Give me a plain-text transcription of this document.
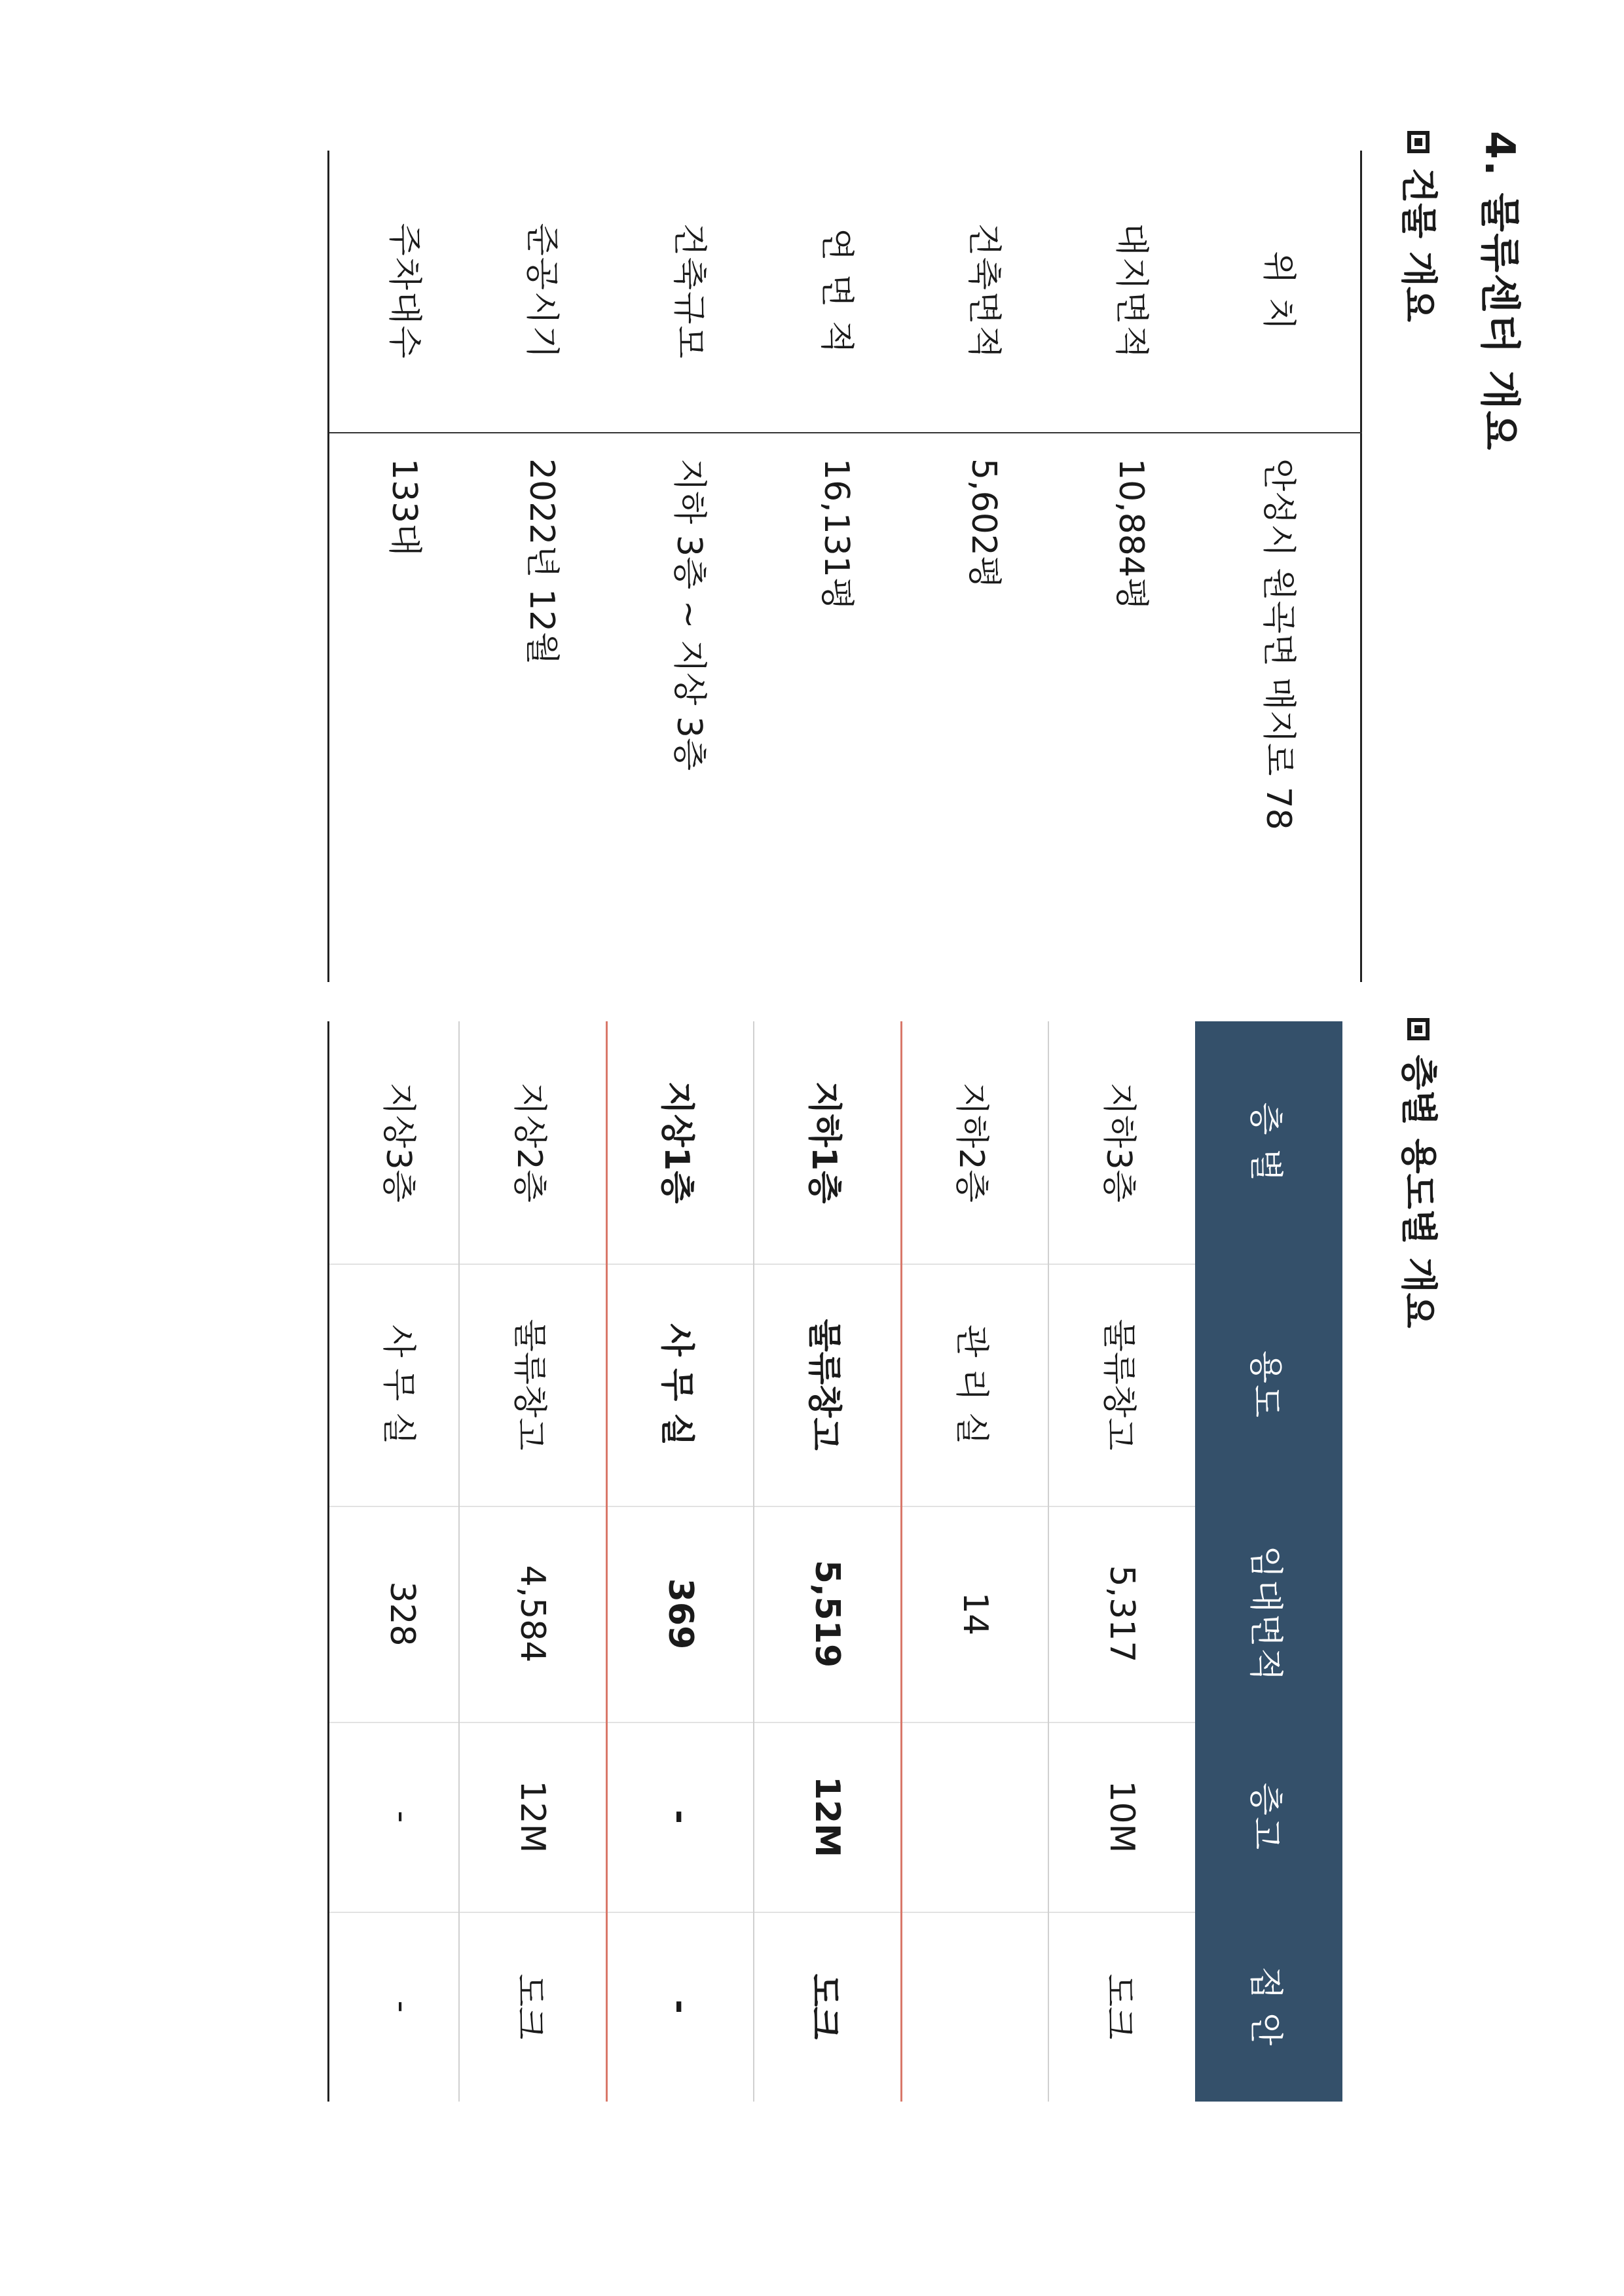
4. 물류센터 개요
건물 개요
층별 용도별 개요
위 치
안성시 원곡면 매지로 78
대지면적
10,884평
건축면적
5,602평
연 면 적
16,131평
건축규모
지하 3층 ~ 지상 3층
준공시기
2022년 12월
주차대수
133대
층 별
용도
임대면적
층고
접 안
지하3층
물류창고
5,317
10M
도크
지하2층
관 리 실
14
지하1층
물류창고
5,519
12M
도크
지상1층
사 무 실
369
-
-
지상2층
물류창고
4,584
12M
도크
지상3층
사 무 실
328
-
-
